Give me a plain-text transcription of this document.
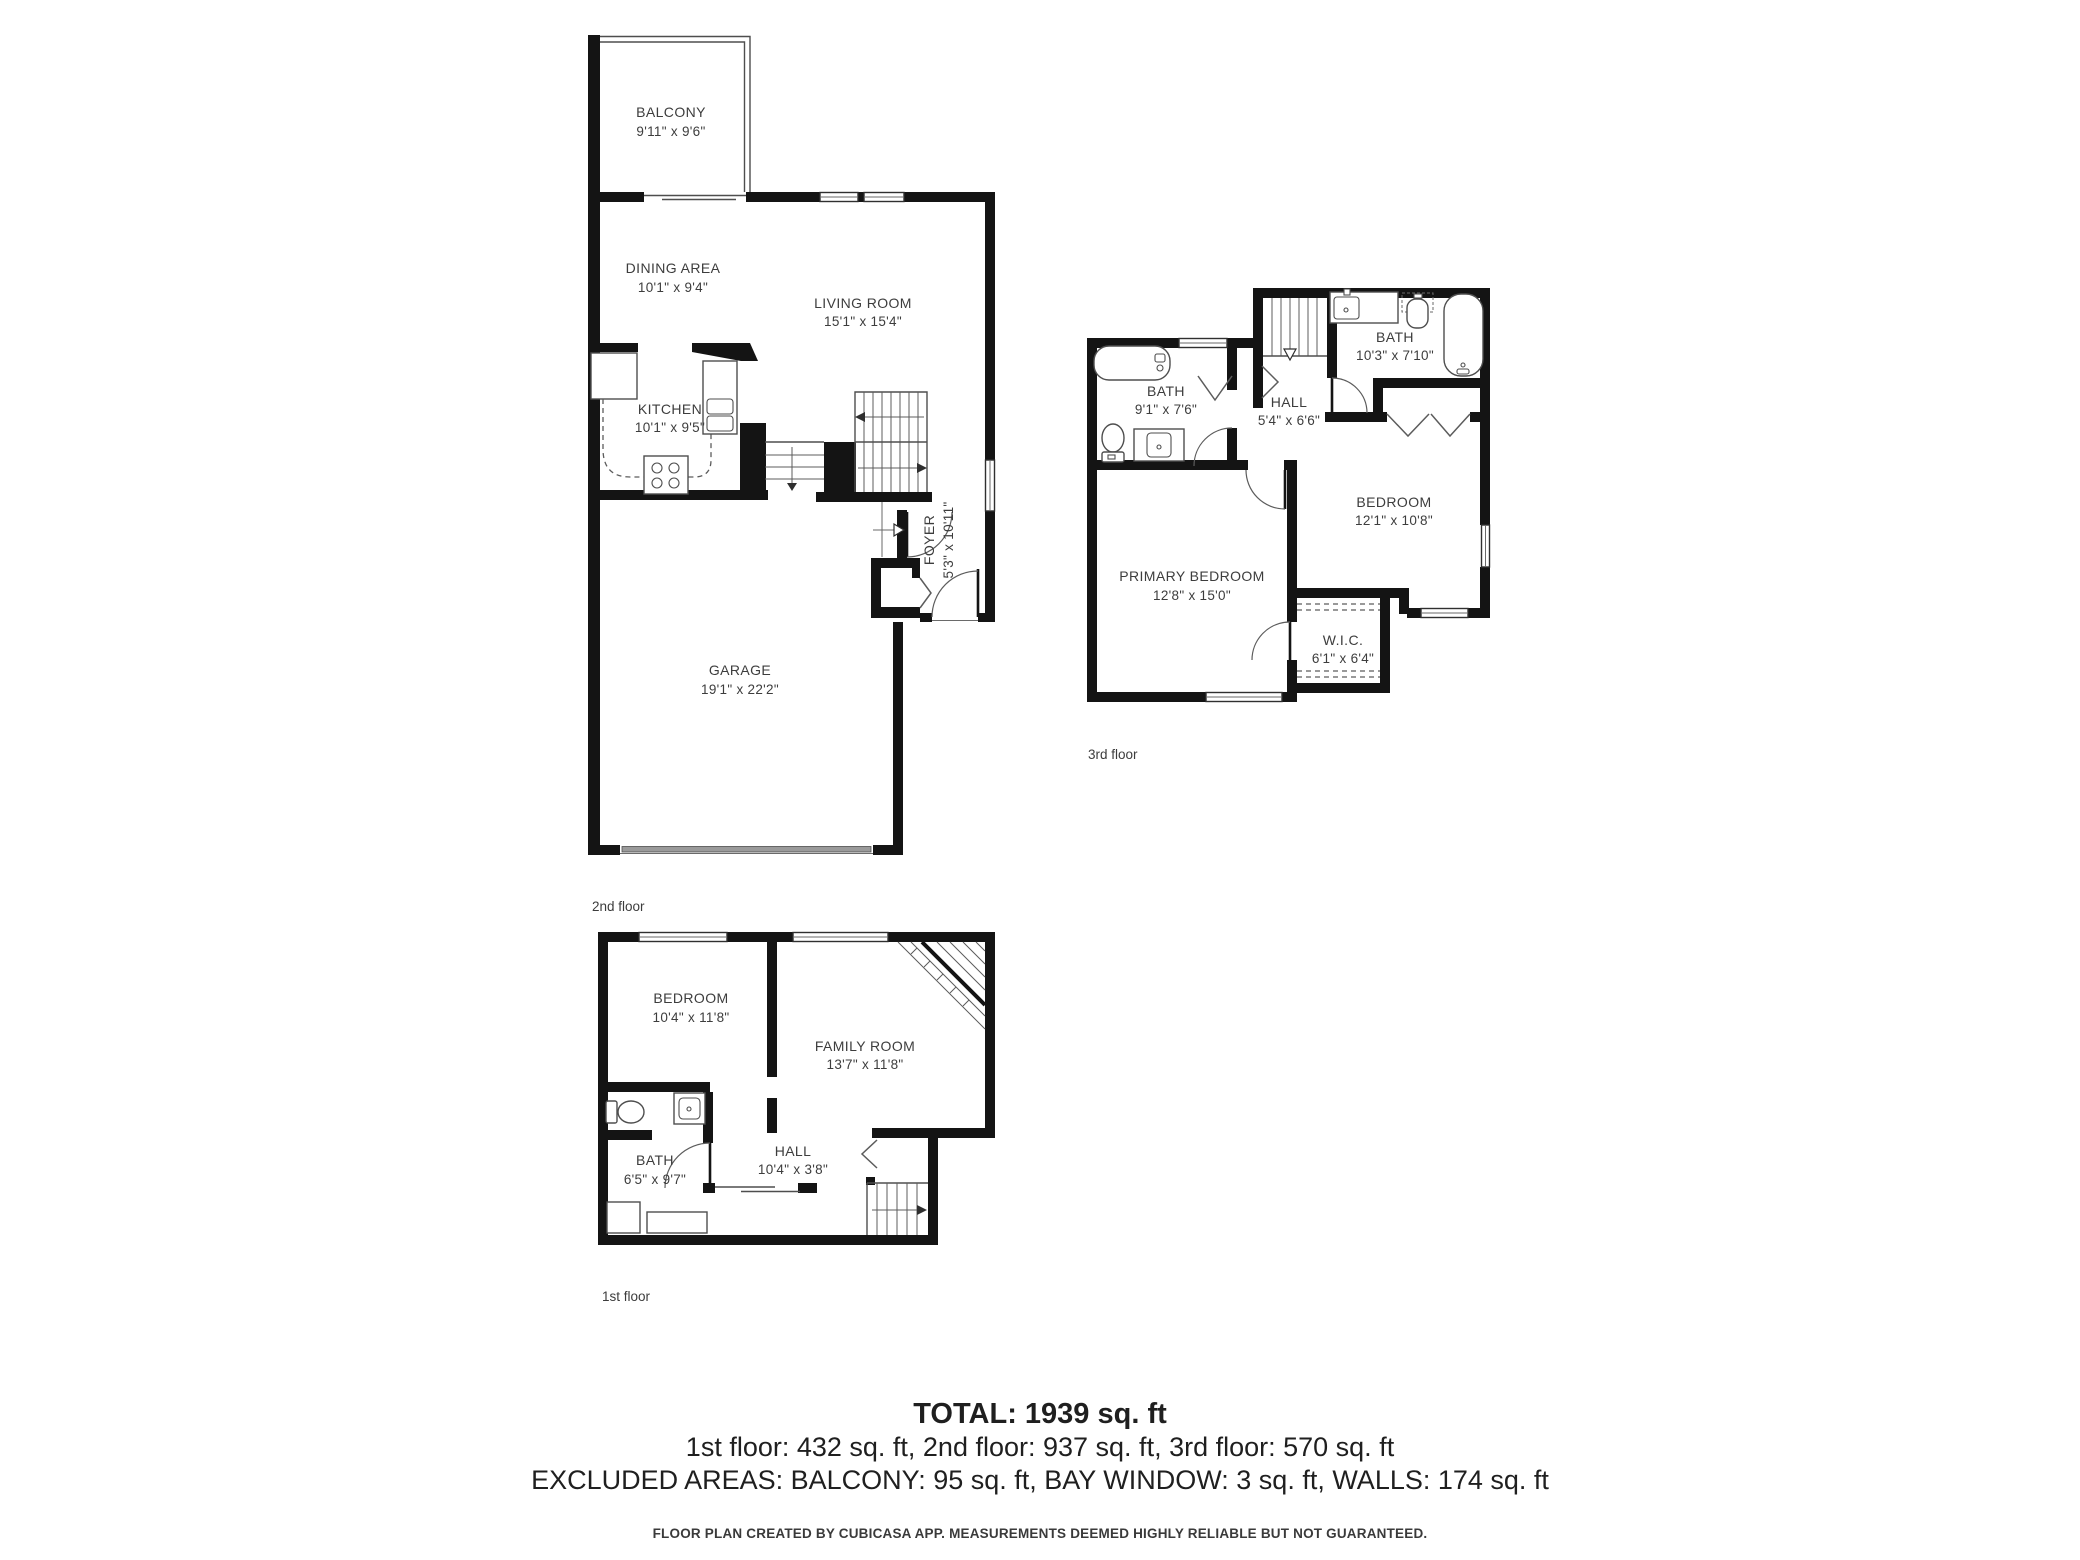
BALCONY
9'11" x 9'6"
DINING AREA
10'1" x 9'4"
LIVING ROOM
15'1" x 15'4"
KITCHEN
10'1" x 9'5"
GARAGE
19'1" x 22'2"
FOYER 5'3" x 10'11"
2nd floor
BATH
9'1" x 7'6"	HALL
5'4" x 6'6"
BATH
10'3" x 7'10"
BEDROOM
12'1" x 10'8"
PRIMARY BEDROOM
12'8" x 15'0"
W.I.C.
6'1" x 6'4"
3rd floor
BEDROOM
10'4" x 11'8"
FAMILY ROOM
13'7" x 11'8"
BATH
6'5" x 9'7"
HALL
10'4" x 3'8"
1st floor
TOTAL: 1939 sq. ft
1st floor: 432 sq. ft, 2nd floor: 937 sq. ft, 3rd floor: 570 sq. ft
EXCLUDED AREAS: BALCONY: 95 sq. ft, BAY WINDOW: 3 sq. ft, WALLS: 174 sq. ft
FLOOR PLAN CREATED BY CUBICASA APP. MEASUREMENTS DEEMED HIGHLY RELIABLE BUT NOT GUARANTEED.
